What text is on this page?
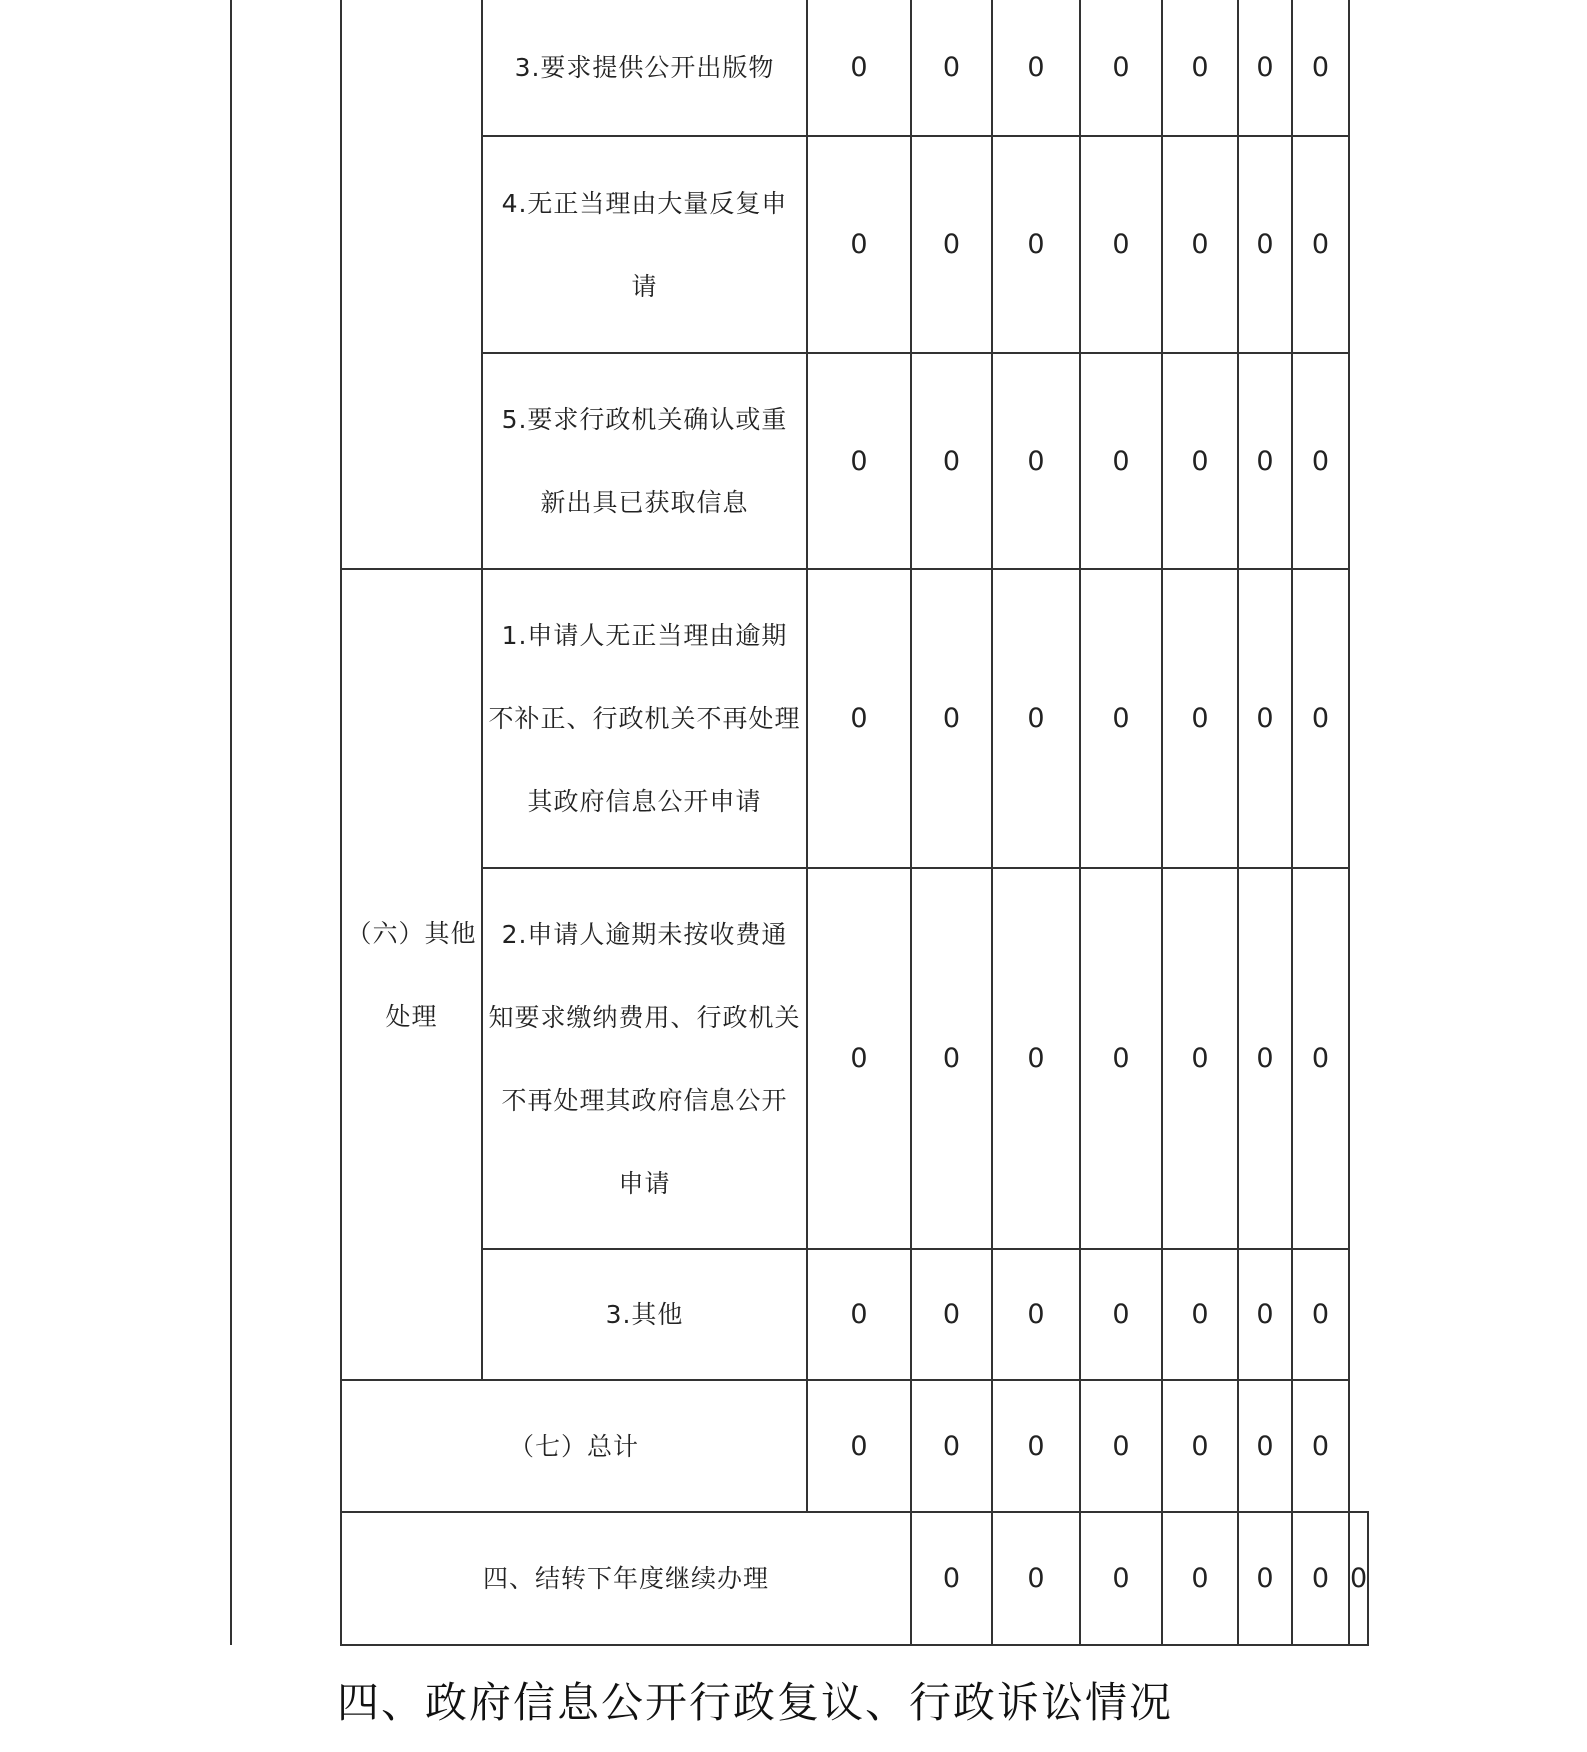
		3.要求提供公开出版物	0	0	0	0	0	0	0	
		4.无正当理由大量反复申
请	0	0	0	0	0	0	0	
		5.要求行政机关确认或重
新出具已获取信息	0	0	0	0	0	0	0	
	（六）其他
处理	1.申请人无正当理由逾期
不补正、行政机关不再处理
其政府信息公开申请	0	0	0	0	0	0	0	
		2.申请人逾期未按收费通
知要求缴纳费用、行政机关
不再处理其政府信息公开
申请	0	0	0	0	0	0	0	
		3.其他	0	0	0	0	0	0	0	
	（七）总计		0	0	0	0	0	0	0	
	四、结转下年度继续办理			0	0	0	0	0	0	0
四、政府信息公开行政复议、行政诉讼情况
